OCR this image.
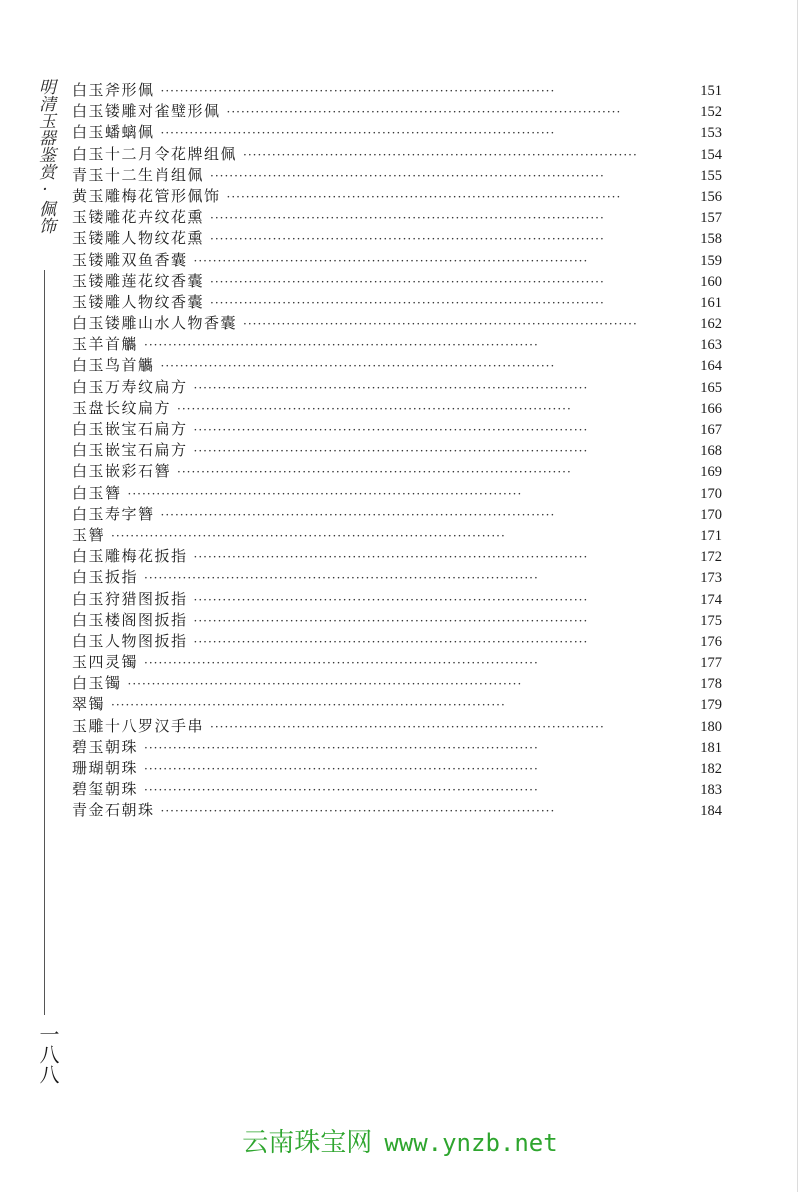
明清玉器鉴赏·佩饰
一八八
白玉斧形佩 ··················································································	151
白玉镂雕对雀璧形佩 ··················································································	152
白玉蟠螭佩 ··················································································	153
白玉十二月令花牌组佩 ··················································································	154
青玉十二生肖组佩 ··················································································	155
黄玉雕梅花管形佩饰 ··················································································	156
玉镂雕花卉纹花熏 ··················································································	157
玉镂雕人物纹花熏 ··················································································	158
玉镂雕双鱼香囊 ··················································································	159
玉镂雕莲花纹香囊 ··················································································	160
玉镂雕人物纹香囊 ··················································································	161
白玉镂雕山水人物香囊 ··················································································	162
玉羊首觿 ··················································································	163
白玉鸟首觿 ··················································································	164
白玉万寿纹扁方 ··················································································	165
玉盘长纹扁方 ··················································································	166
白玉嵌宝石扁方 ··················································································	167
白玉嵌宝石扁方 ··················································································	168
白玉嵌彩石簪 ··················································································	169
白玉簪 ··················································································	170
白玉寿字簪 ··················································································	170
玉簪 ··················································································	171
白玉雕梅花扳指 ··················································································	172
白玉扳指 ··················································································	173
白玉狩猎图扳指 ··················································································	174
白玉楼阁图扳指 ··················································································	175
白玉人物图扳指 ··················································································	176
玉四灵镯 ··················································································	177
白玉镯 ··················································································	178
翠镯 ··················································································	179
玉雕十八罗汉手串 ··················································································	180
碧玉朝珠 ··················································································	181
珊瑚朝珠 ··················································································	182
碧玺朝珠 ··················································································	183
青金石朝珠 ··················································································	184
云南珠宝网 www.ynzb.net
